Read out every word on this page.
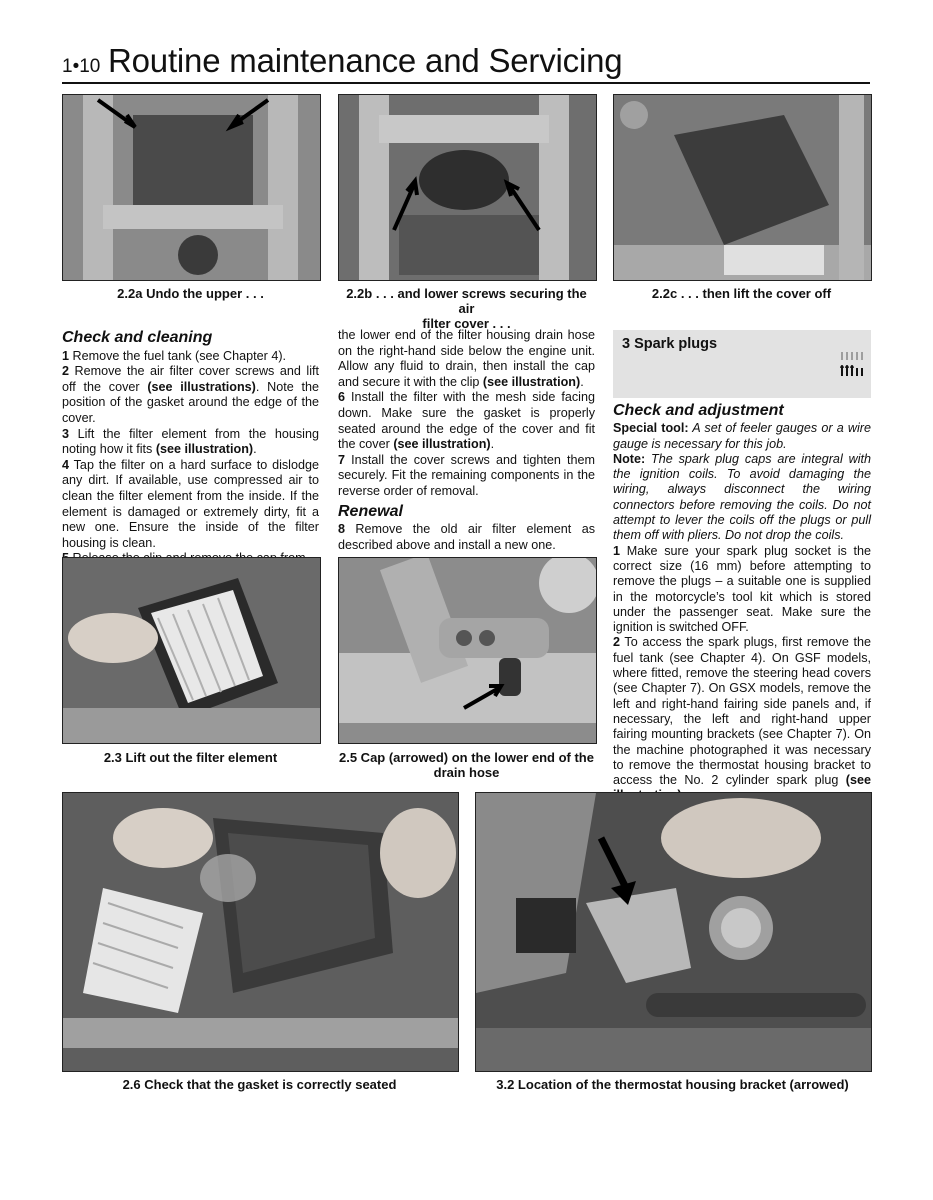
1•10 Routine maintenance and Servicing
2.2a Undo the upper . . .	2.2b . . . and lower screws securing the air
filter cover . . .
2.2c . . . then lift the cover off
Check and cleaning

1 Remove the fuel tank (see Chapter 4).

2 Remove the air filter cover screws and lift off the cover (see illustrations). Note the position of the gasket around the edge of the cover.

3 Lift the filter element from the housing noting how it fits (see illustration).

4 Tap the filter on a hard surface to dislodge any dirt. If available, use compressed air to clean the filter element from the inside. If the element is damaged or extremely dirty, fit a new one. Ensure the inside of the filter housing is clean.

the lower end of the filter housing drain hose on the right-hand side below the engine unit. Allow any fluid to drain, then install the cap and secure it with the clip (see illustration).

6 Install the filter with the mesh side facing down. Make sure the gasket is properly seated around the edge of the cover and fit the cover (see illustration).

7 Install the cover screws and tighten them securely. Fit the remaining components in the reverse order of removal.

Renewal

8 Remove the old air filter element as described above and install a new one.

3 Spark plugs
Check and adjustment

Special tool: A set of feeler gauges or a wire gauge is necessary for this job.

Note: The spark plug caps are integral with the ignition coils. To avoid damaging the wiring, always disconnect the wiring connectors before removing the coils. Do not attempt to lever the coils off the plugs or pull them off with pliers. Do not drop the coils.

1 Make sure your spark plug socket is the correct size (16 mm) before attempting to remove the plugs – a suitable one is supplied in the motorcycle’s tool kit which is stored under the passenger seat. Make sure the ignition is switched OFF.

2 To access the spark plugs, first remove the fuel tank (see Chapter 4). On GSF models, where fitted, remove the steering head covers (see Chapter 7). On GSX models, remove the left and right-hand fairing side panels and, if necessary, the left and right-hand upper fairing mounting brackets (see Chapter 7). On the machine photographed it was necessary to remove the thermostat housing bracket to access the No. 2 cylinder spark plug (see

2.3 Lift out the filter element	2.5 Cap (arrowed) on the lower end of the
drain hose
2.6 Check that the gasket is correctly seated	3.2 Location of the thermostat housing bracket (arrowed)
